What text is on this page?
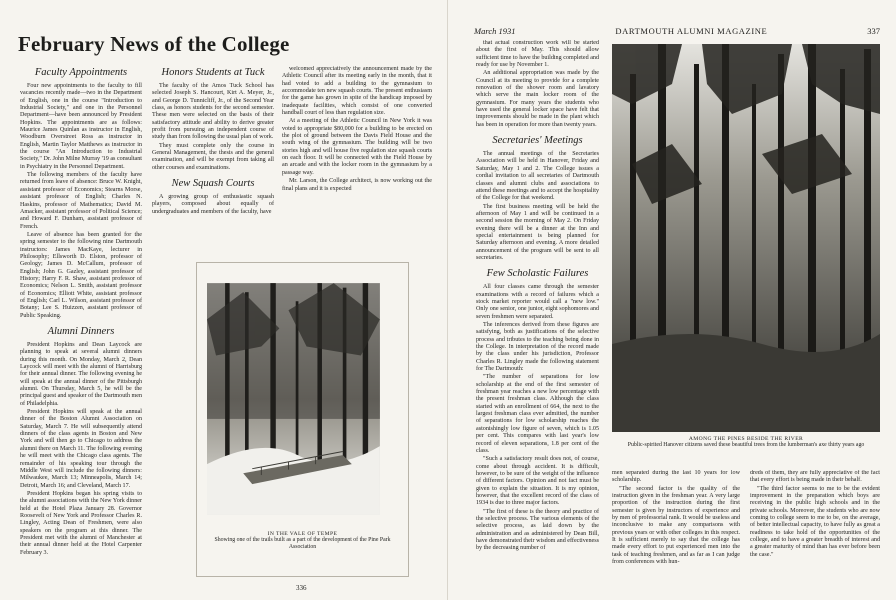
February News of the College
Faculty Appointments

Four new appointments to the faculty to fill vacancies recently made—two in the Department of English, one in the course "Introduction to Industrial Society," and one in the Personnel Department—have been announced by President Hopkins. The appointments are as follows: Maurice James Quinlan as instructor in English, Woodburn Overstreet Ross as instructor in English, Martin Taylor Matthews as instructor in the course "An Introduction to Industrial Society," Dr. John Milne Murray '19 as consultant in Psychiatry in the Personnel Department.

The following members of the faculty have returned from leave of absence: Bruce W. Knight, assistant professor of Economics; Stearns Morse, assistant professor of English; Charles N. Haskins, professor of Mathematics; David M. Amacker, assistant professor of Political Science; and Howard F. Dunham, assistant professor of French.

Leave of absence has been granted for the spring semester to the following nine Dartmouth instructors: James MacKaye, lecturer in Philosophy; Ellsworth D. Elston, professor of Geology; James D. McCallum, professor of English; John G. Gazley, assistant professor of History; Harry F. R. Shaw, assistant professor of Economics; Nelson L. Smith, assistant professor of Economics; Elliott White, assistant professor of English; Carl L. Wilson, assistant professor of Botany; Lee S. Huizzen, assistant professor of Public Speaking.

Alumni Dinners

President Hopkins and Dean Laycock are planning to speak at several alumni dinners during this month. On Monday, March 2, Dean Laycock will meet with the alumni of Harrisburg for their annual dinner. The following evening he will speak at the annual dinner of the Pittsburgh alumni. On Thursday, March 5, he will be the principal guest and speaker of the Dartmouth men of Philadelphia.

President Hopkins will speak at the annual dinner of the Boston Alumni Association on Saturday, March 7. He will subsequently attend dinners of the class agents in Boston and New York and will then go to Chicago to address the alumni there on March 11. The following evening he will meet with the Chicago class agents. The remainder of his speaking tour through the Middle West will include the following dinners: Milwaukee, March 13; Minneapolis, March 14; Detroit, March 16; and Cleveland, March 17.

President Hopkins began his spring visits to the alumni associations with the New York dinner held at the Hotel Plaza January 28. Governor Roosevelt of New York and Professor Charles R. Lingley, Acting Dean of Freshmen, were also speakers on the program at this dinner. The President met with the alumni of Manchester at their annual dinner held at the Hotel Carpenter February 3.

Honors Students at Tuck

The faculty of the Amos Tuck School has selected Joseph S. Hancourt, Kirt A. Meyer, Jr., and George D. Tunnicliff, Jr., of the Second Year class, as honors students for the second semester. These men were selected on the basis of their satisfactory attitude and ability to derive greater profit from pursuing an independent course of study than from following the usual plan of work.

They must complete only the course in General Management, the thesis and the general examination, and will be exempt from taking all other courses and examinations.

New Squash Courts

A growing group of enthusiastic squash players, composed about equally of undergraduates and members of the faculty, have

welcomed appreciatively the announcement made by the Athletic Council after its meeting early in the month, that it had voted to add a building to the gymnasium to accommodate ten new squash courts. The present enthusiasm for the game has grown in spite of the handicap imposed by inadequate facilities, which consist of one converted handball court of less than regulation size.

At a meeting of the Athletic Council in New York it was voted to appropriate $80,000 for a building to be erected on the plot of ground between the Davis Field House and the south wing of the gymnasium. The building will be two stories high and will house five regulation size squash courts on each floor. It will be connected with the Field House by an arcade and with the locker room in the gymnasium by a passage way.

Mr. Larson, the College architect, is now working out the final plans and it is expected

IN THE VALE OF TEMPE
Showing one of the trails built as a part of the development of the Pine Park Association
336
March 1931	DARTMOUTH ALUMNI MAGAZINE	337

that actual construction work will be started about the first of May. This should allow sufficient time to have the building completed and ready for use by November 1.

An additional appropriation was made by the Council at its meeting to provide for a complete renovation of the shower room and lavatory which serve the main locker room of the gymnasium. For many years the students who have used the general locker space have felt that improvements should be made in the plant which has been in operation for more than twenty years.

Secretaries' Meetings

The annual meetings of the Secretaries Association will be held in Hanover, Friday and Saturday, May 1 and 2. The College issues a cordial invitation to all secretaries of Dartmouth classes and alumni clubs and associations to attend these meetings and to accept the hospitality of the College for that weekend.

The first business meeting will be held the afternoon of May 1 and will be continued in a second session the morning of May 2. On Friday evening there will be a dinner at the Inn and special entertainment is being planned for Saturday afternoon and evening. A more detailed announcement of the program will be sent to all secretaries.

Few Scholastic Failures

All four classes came through the semester examinations with a record of failures which a stock market reporter would call a "new low." Only one senior, one junior, eight sophomores and seven freshmen were separated.

The inferences derived from these figures are satisfying, both as justifications of the selective process and tributes to the teaching being done in the College. In interpretation of the record made by the class under his jurisdiction, Professor Charles R. Lingley made the following statement for The Dartmouth:

"The number of separations for low scholarship at the end of the first semester of freshman year reaches a new low percentage with the present freshman class. Although the class started with an enrollment of 664, the next to the largest freshman class ever admitted, the number of separations for low scholarship reaches the astonishingly low figure of seven, which is 1.05 per cent. This compares with last year's low record of eleven separations, 1.8 per cent of the class.

"Such a satisfactory result does not, of course, come about through accident. It is difficult, however, to be sure of the weight of the influence of different factors. Opinion and not fact must be given to explain the situation. It is my opinion, however, that the excellent record of the class of 1934 is due to three major factors.

"The first of these is the theory and practice of the selective process. The various elements of the selective process, as laid down by the administration and as administered by Dean Bill, have demonstrated their wisdom and effectiveness by the decreasing number of

AMONG THE PINES BESIDE THE RIVER
Public-spirited Hanover citizens saved these beautiful trees from the lumberman's axe thirty years ago

men separated during the last 10 years for low scholarship.

"The second factor is the quality of the instruction given in the freshman year. A very large proportion of the instruction during the first semester is given by instructors of experience and by men of professorial rank. It would be useless and inconclusive to make any comparisons with previous years or with other colleges in this respect. It is sufficient merely to say that the college has made every effort to put experienced men into the task of teaching freshmen, and as far as I can judge from conferences with hun-

dreds of them, they are fully appreciative of the fact that every effort is being made in their behalf.

"The third factor seems to me to be the evident improvement in the preparation which boys are receiving in the public high schools and in the private schools. Moreover, the students who are now coming to college seem to me to be, on the average, of better intellectual capacity, to have fully as great a readiness to take hold of the opportunities of the college, and to have a greater breadth of interest and a greater maturity of mind than has ever before been the case."
